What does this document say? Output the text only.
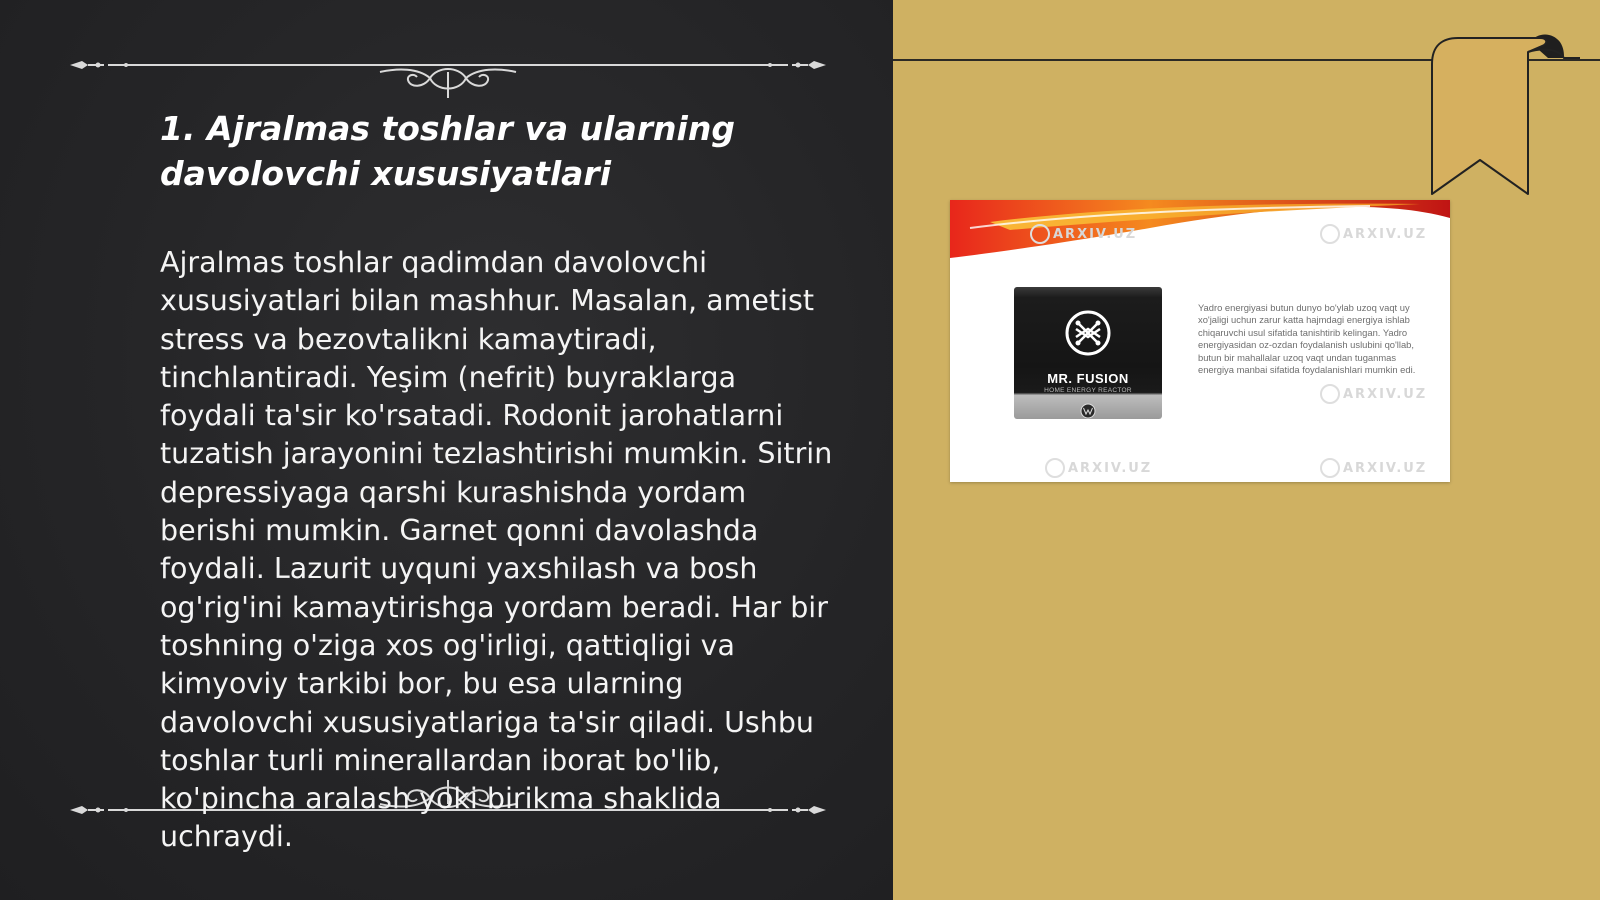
1. Ajralmas toshlar va ularning davolovchi xususiyatlari

Ajralmas toshlar qadimdan davolovchi xususiyatlari bilan mashhur. Masalan, ametist stress va bezovtalikni kamaytiradi, tinchlantiradi. Yeşim (nefrit) buyraklarga foydali ta'sir ko'rsatadi. Rodonit jarohatlarni tuzatish jarayonini tezlashtirishi mumkin. Sitrin depressiyaga qarshi kurashishda yordam berishi mumkin. Garnet qonni davolashda foydali. Lazurit uyquni yaxshilash va bosh og'rig'ini kamaytirishga yordam beradi. Har bir toshning o'ziga xos og'irligi, qattiqligi va kimyoviy tarkibi bor, bu esa ularning davolovchi xususiyatlariga ta'sir qiladi. Ushbu toshlar turli minerallardan iborat bo'lib, ko'pincha aralash yoki birikma shaklida uchraydi.

ARXIV.UZ	ARXIV.UZ
ARXIV.UZ
ARXIV.UZ	ARXIV.UZ
MR. FUSION
HOME ENERGY REACTOR

Yadro energiyasi butun dunyo bo'ylab uzoq vaqt uy xo'jaligi uchun zarur katta hajmdagi energiya ishlab chiqaruvchi usul sifatida tanishtirib kelingan. Yadro energiyasidan oz-ozdan foydalanish uslubini qo'llab, butun bir mahallalar uzoq vaqt undan tuganmas energiya manbai sifatida foydalanishlari mumkin edi.
